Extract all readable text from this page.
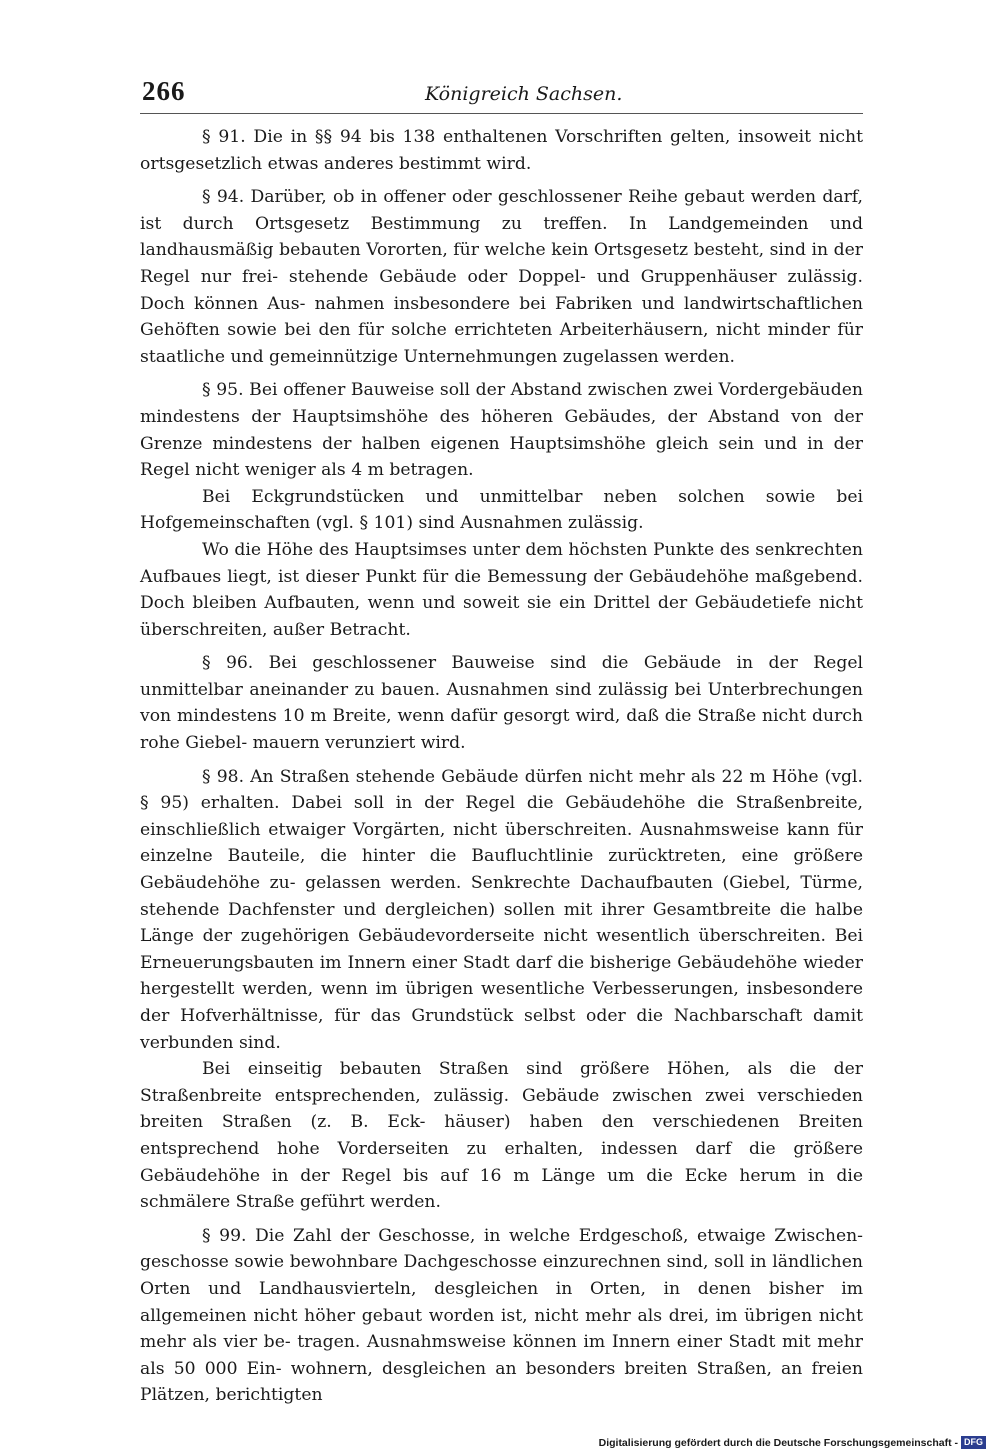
266	Königreich Sachsen.

§ 91. Die in §§ 94 bis 138 enthaltenen Vorschriften gelten, insoweit nicht ortsgesetzlich etwas anderes bestimmt wird.

§ 94. Darüber, ob in offener oder geschlossener Reihe gebaut werden darf, ist durch Ortsgesetz Bestimmung zu treffen. In Landgemeinden und landhausmäßig bebauten Vororten, für welche kein Ortsgesetz besteht, sind in der Regel nur frei- stehende Gebäude oder Doppel- und Gruppenhäuser zulässig. Doch können Aus- nahmen insbesondere bei Fabriken und landwirtschaftlichen Gehöften sowie bei den für solche errichteten Arbeiterhäusern, nicht minder für staatliche und gemeinnützige Unternehmungen zugelassen werden.

§ 95. Bei offener Bauweise soll der Abstand zwischen zwei Vordergebäuden mindestens der Hauptsimshöhe des höheren Gebäudes, der Abstand von der Grenze mindestens der halben eigenen Hauptsimshöhe gleich sein und in der Regel nicht weniger als 4 m betragen.

Bei Eckgrundstücken und unmittelbar neben solchen sowie bei Hofgemeinschaften (vgl. § 101) sind Ausnahmen zulässig.

Wo die Höhe des Hauptsimses unter dem höchsten Punkte des senkrechten Aufbaues liegt, ist dieser Punkt für die Bemessung der Gebäudehöhe maßgebend. Doch bleiben Aufbauten, wenn und soweit sie ein Drittel der Gebäudetiefe nicht überschreiten, außer Betracht.

§ 96. Bei geschlossener Bauweise sind die Gebäude in der Regel unmittelbar aneinander zu bauen. Ausnahmen sind zulässig bei Unterbrechungen von mindestens 10 m Breite, wenn dafür gesorgt wird, daß die Straße nicht durch rohe Giebel- mauern verunziert wird.

§ 98. An Straßen stehende Gebäude dürfen nicht mehr als 22 m Höhe (vgl. § 95) erhalten. Dabei soll in der Regel die Gebäudehöhe die Straßenbreite, einschließlich etwaiger Vorgärten, nicht überschreiten. Ausnahmsweise kann für einzelne Bauteile, die hinter die Baufluchtlinie zurücktreten, eine größere Gebäudehöhe zu- gelassen werden. Senkrechte Dachaufbauten (Giebel, Türme, stehende Dachfenster und dergleichen) sollen mit ihrer Gesamtbreite die halbe Länge der zugehörigen Gebäudevorderseite nicht wesentlich überschreiten. Bei Erneuerungsbauten im Innern einer Stadt darf die bisherige Gebäudehöhe wieder hergestellt werden, wenn im übrigen wesentliche Verbesserungen, insbesondere der Hofverhältnisse, für das Grundstück selbst oder die Nachbarschaft damit verbunden sind.

Bei einseitig bebauten Straßen sind größere Höhen, als die der Straßenbreite entsprechenden, zulässig. Gebäude zwischen zwei verschieden breiten Straßen (z. B. Eck- häuser) haben den verschiedenen Breiten entsprechend hohe Vorderseiten zu erhalten, indessen darf die größere Gebäudehöhe in der Regel bis auf 16 m Länge um die Ecke herum in die schmälere Straße geführt werden.

§ 99. Die Zahl der Geschosse, in welche Erdgeschoß, etwaige Zwischen- geschosse sowie bewohnbare Dachgeschosse einzurechnen sind, soll in ländlichen Orten und Landhausvierteln, desgleichen in Orten, in denen bisher im allgemeinen nicht höher gebaut worden ist, nicht mehr als drei, im übrigen nicht mehr als vier be- tragen. Ausnahmsweise können im Innern einer Stadt mit mehr als 50 000 Ein- wohnern, desgleichen an besonders breiten Straßen, an freien Plätzen, berichtigten

Digitalisierung gefördert durch die Deutsche Forschungsgemeinschaft - DFG
